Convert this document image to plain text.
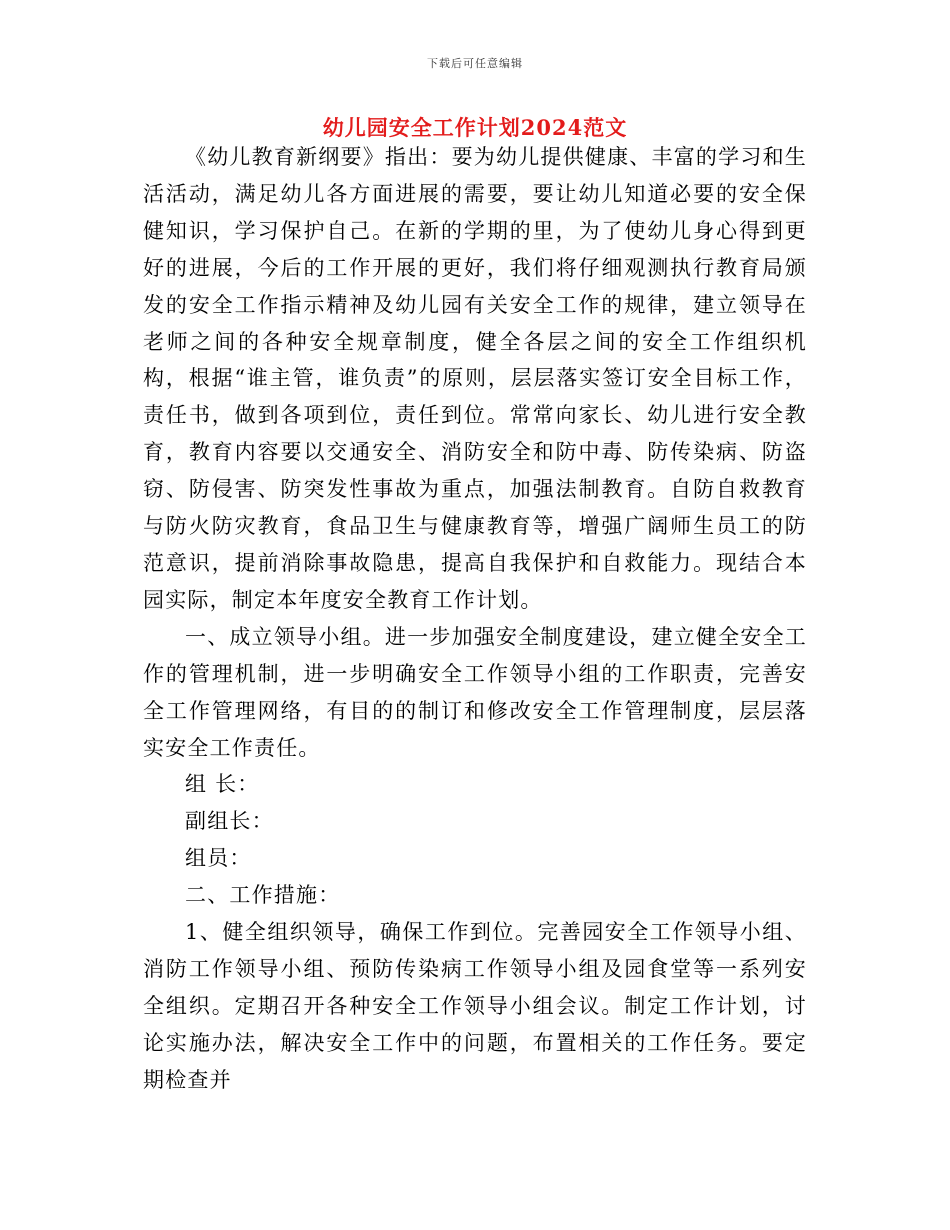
下载后可任意编辑
幼儿园安全工作计划2024范文

《幼儿教育新纲要》指出：要为幼儿提供健康、丰富的学习和生活活动，满足幼儿各方面进展的需要，要让幼儿知道必要的安全保健知识，学习保护自己。在新的学期的里，为了使幼儿身心得到更好的进展，今后的工作开展的更好，我们将仔细观测执行教育局颁发的安全工作指示精神及幼儿园有关安全工作的规律，建立领导在老师之间的各种安全规章制度，健全各层之间的安全工作组织机构，根据“谁主管，谁负责”的原则，层层落实签订安全目标工作，责任书，做到各项到位，责任到位。常常向家长、幼儿进行安全教育，教育内容要以交通安全、消防安全和防中毒、防传染病、防盗窃、防侵害、防突发性事故为重点，加强法制教育。自防自救教育与防火防灾教育，食品卫生与健康教育等，增强广阔师生员工的防范意识，提前消除事故隐患，提高自我保护和自救能力。现结合本园实际，制定本年度安全教育工作计划。

一、成立领导小组。进一步加强安全制度建设，建立健全安全工作的管理机制，进一步明确安全工作领导小组的工作职责，完善安全工作管理网络，有目的的制订和修改安全工作管理制度，层层落实安全工作责任。

组 长：

副组长：

组员：

二、工作措施：

1、健全组织领导，确保工作到位。完善园安全工作领导小组、消防工作领导小组、预防传染病工作领导小组及园食堂等一系列安全组织。定期召开各种安全工作领导小组会议。制定工作计划，讨论实施办法，解决安全工作中的问题，布置相关的工作任务。要定期检查并
